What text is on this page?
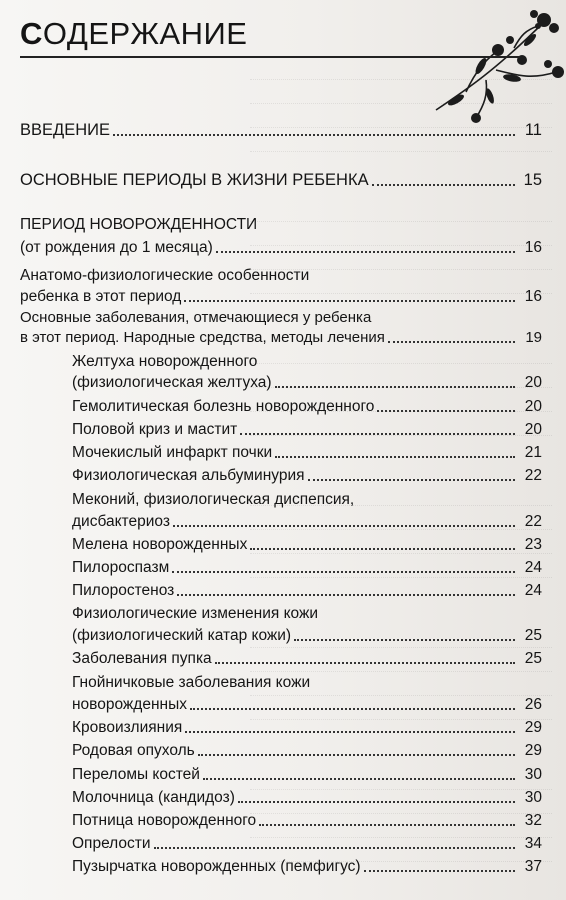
СОДЕРЖАНИЕ
ВВЕДЕНИЕ	11
ОСНОВНЫЕ ПЕРИОДЫ В ЖИЗНИ РЕБЕНКА	15
ПЕРИОД НОВОРОЖДЕННОСТИ
(от рождения до 1 месяца)	16
Анатомо-физиологические особенности
ребенка в этот период	16
Основные заболевания, отмечающиеся у ребенка
в этот период. Народные средства, методы лечения	19
Желтуха новорожденного
(физиологическая желтуха)	20
Гемолитическая болезнь новорожденного	20
Половой криз и мастит	20
Мочекислый инфаркт почки	21
Физиологическая альбуминурия	22
Меконий, физиологическая диспепсия,
дисбактериоз	22
Мелена новорожденных	23
Пилороспазм	24
Пилоростеноз	24
Физиологические изменения кожи
(физиологический катар кожи)	25
Заболевания пупка	25
Гнойничковые заболевания кожи
новорожденных	26
Кровоизлияния	29
Родовая опухоль	29
Переломы костей	30
Молочница (кандидоз)	30
Потница новорожденного	32
Опрелости	34
Пузырчатка новорожденных (пемфигус)	37
